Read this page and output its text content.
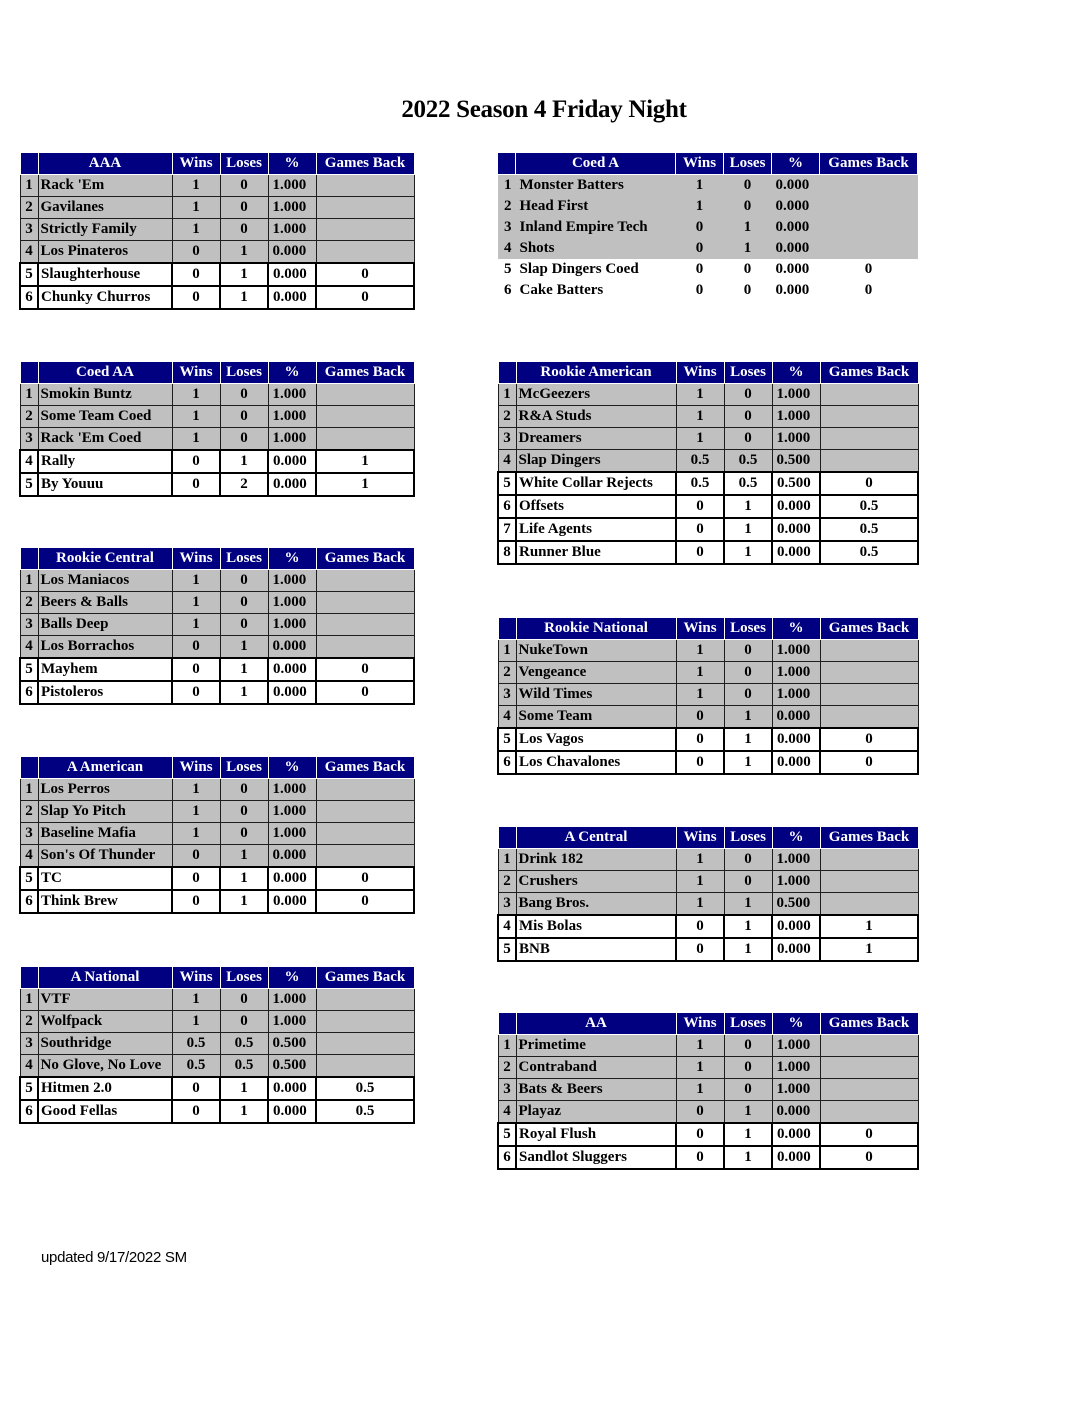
2022 Season 4 Friday Night
	AAA	Wins	Loses	%	Games Back
1	Rack 'Em	1	0	1.000	
2	Gavilanes	1	0	1.000	
3	Strictly Family	1	0	1.000	
4	Los Pinateros	0	1	0.000	
5	Slaughterhouse	0	1	0.000	0
6	Chunky Churros	0	1	0.000	0
	Coed A	Wins	Loses	%	Games Back
1	Monster Batters	1	0	0.000	
2	Head First	1	0	0.000	
3	Inland Empire Tech	0	1	0.000	
4	Shots	0	1	0.000	
5	Slap Dingers Coed	0	0	0.000	0
6	Cake Batters	0	0	0.000	0
	Coed AA	Wins	Loses	%	Games Back
1	Smokin Buntz	1	0	1.000	
2	Some Team Coed	1	0	1.000	
3	Rack 'Em Coed	1	0	1.000	
4	Rally	0	1	0.000	1
5	By Youuu	0	2	0.000	1
	Rookie American	Wins	Loses	%	Games Back
1	McGeezers	1	0	1.000	
2	R&A Studs	1	0	1.000	
3	Dreamers	1	0	1.000	
4	Slap Dingers	0.5	0.5	0.500	
5	White Collar Rejects	0.5	0.5	0.500	0
6	Offsets	0	1	0.000	0.5
7	Life Agents	0	1	0.000	0.5
8	Runner Blue	0	1	0.000	0.5
	Rookie Central	Wins	Loses	%	Games Back
1	Los Maniacos	1	0	1.000	
2	Beers & Balls	1	0	1.000	
3	Balls Deep	1	0	1.000	
4	Los Borrachos	0	1	0.000	
5	Mayhem	0	1	0.000	0
6	Pistoleros	0	1	0.000	0
	Rookie National	Wins	Loses	%	Games Back
1	NukeTown	1	0	1.000	
2	Vengeance	1	0	1.000	
3	Wild Times	1	0	1.000	
4	Some Team	0	1	0.000	
5	Los Vagos	0	1	0.000	0
6	Los Chavalones	0	1	0.000	0
	A American	Wins	Loses	%	Games Back
1	Los Perros	1	0	1.000	
2	Slap Yo Pitch	1	0	1.000	
3	Baseline Mafia	1	0	1.000	
4	Son's Of Thunder	0	1	0.000	
5	TC	0	1	0.000	0
6	Think Brew	0	1	0.000	0
	A Central	Wins	Loses	%	Games Back
1	Drink 182	1	0	1.000	
2	Crushers	1	0	1.000	
3	Bang Bros.	1	1	0.500	
4	Mis Bolas	0	1	0.000	1
5	BNB	0	1	0.000	1
	A National	Wins	Loses	%	Games Back
1	VTF	1	0	1.000	
2	Wolfpack	1	0	1.000	
3	Southridge	0.5	0.5	0.500	
4	No Glove, No Love	0.5	0.5	0.500	
5	Hitmen 2.0	0	1	0.000	0.5
6	Good Fellas	0	1	0.000	0.5
	AA	Wins	Loses	%	Games Back
1	Primetime	1	0	1.000	
2	Contraband	1	0	1.000	
3	Bats & Beers	1	0	1.000	
4	Playaz	0	1	0.000	
5	Royal Flush	0	1	0.000	0
6	Sandlot Sluggers	0	1	0.000	0
updated 9/17/2022 SM
